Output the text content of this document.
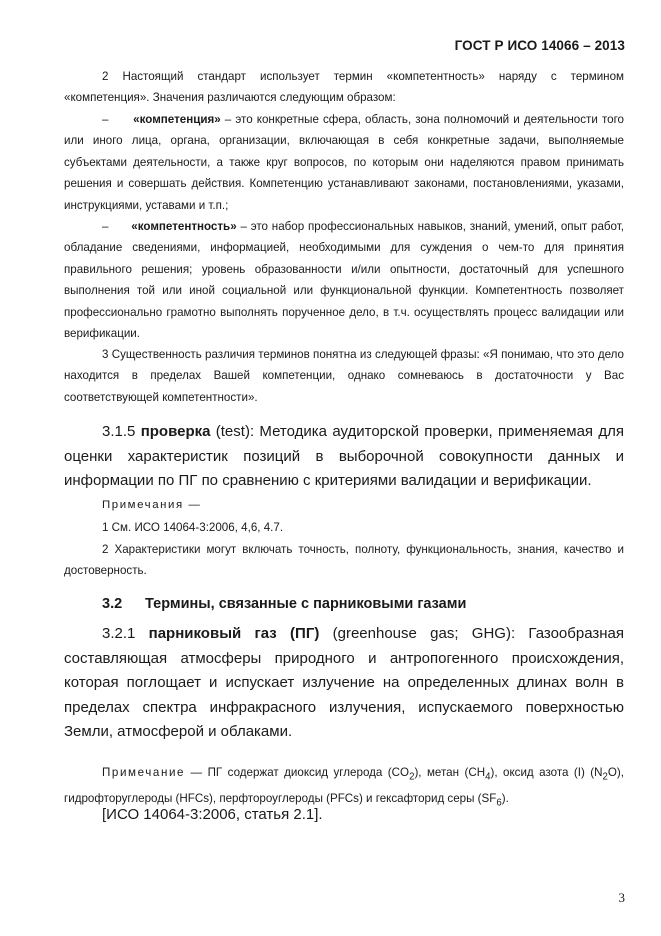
ГОСТ Р ИСО 14066 – 2013

2 Настоящий стандарт использует термин «компетентность» наряду с термином «компетенция». Значения различаются следующим образом:

– «компетенция» – это конкретные сфера, область, зона полномочий и деятельности того или иного лица, органа, организации, включающая в себя конкретные задачи, выполняемые субъектами деятельности, а также круг вопросов, по которым они наделяются правом принимать решения и совершать действия. Компетенцию устанавливают законами, постановлениями, указами, инструкциями, уставами и т.п.;

– «компетентность» – это набор профессиональных навыков, знаний, умений, опыт работ, обладание сведениями, информацией, необходимыми для суждения о чем-то для принятия правильного решения; уровень образованности и/или опытности, достаточный для успешного выполнения той или иной социальной или функциональной функции. Компетентность позволяет профессионально грамотно выполнять порученное дело, в т.ч. осуществлять процесс валидации или верификации.

3 Существенность различия терминов понятна из следующей фразы: «Я понимаю, что это дело находится в пределах Вашей компетенции, однако сомневаюсь в достаточности у Вас соответствующей компетентности».

3.1.5 проверка (test): Методика аудиторской проверки, применяемая для оценки характеристик позиций в выборочной совокупности данных и информации по ПГ по сравнению с критериями валидации и верификации.

Примечания —

1 См. ИСО 14064-3:2006, 4,6, 4.7.

2 Характеристики могут включать точность, полноту, функциональность, знания, качество и достоверность.

3.2 Термины, связанные с парниковыми газами

3.2.1 парниковый газ (ПГ) (greenhouse gas; GHG): Газообразная составляющая атмосферы природного и антропогенного происхождения, которая поглощает и испускает излучение на определенных длинах волн в пределах спектра инфракрасного излучения, испускаемого поверхностью Земли, атмосферой и облаками.

Примечание — ПГ содержат диоксид углерода $(CO_2)$, метан $(CH_4)$, оксид азота (I) $(N_2O)$, гидрофторуглероды (HFCs), перфтороуглероды (PFCs) и гексафторид серы $(SF_6)$.

[ИСО 14064-3:2006, статья 2.1].

3
